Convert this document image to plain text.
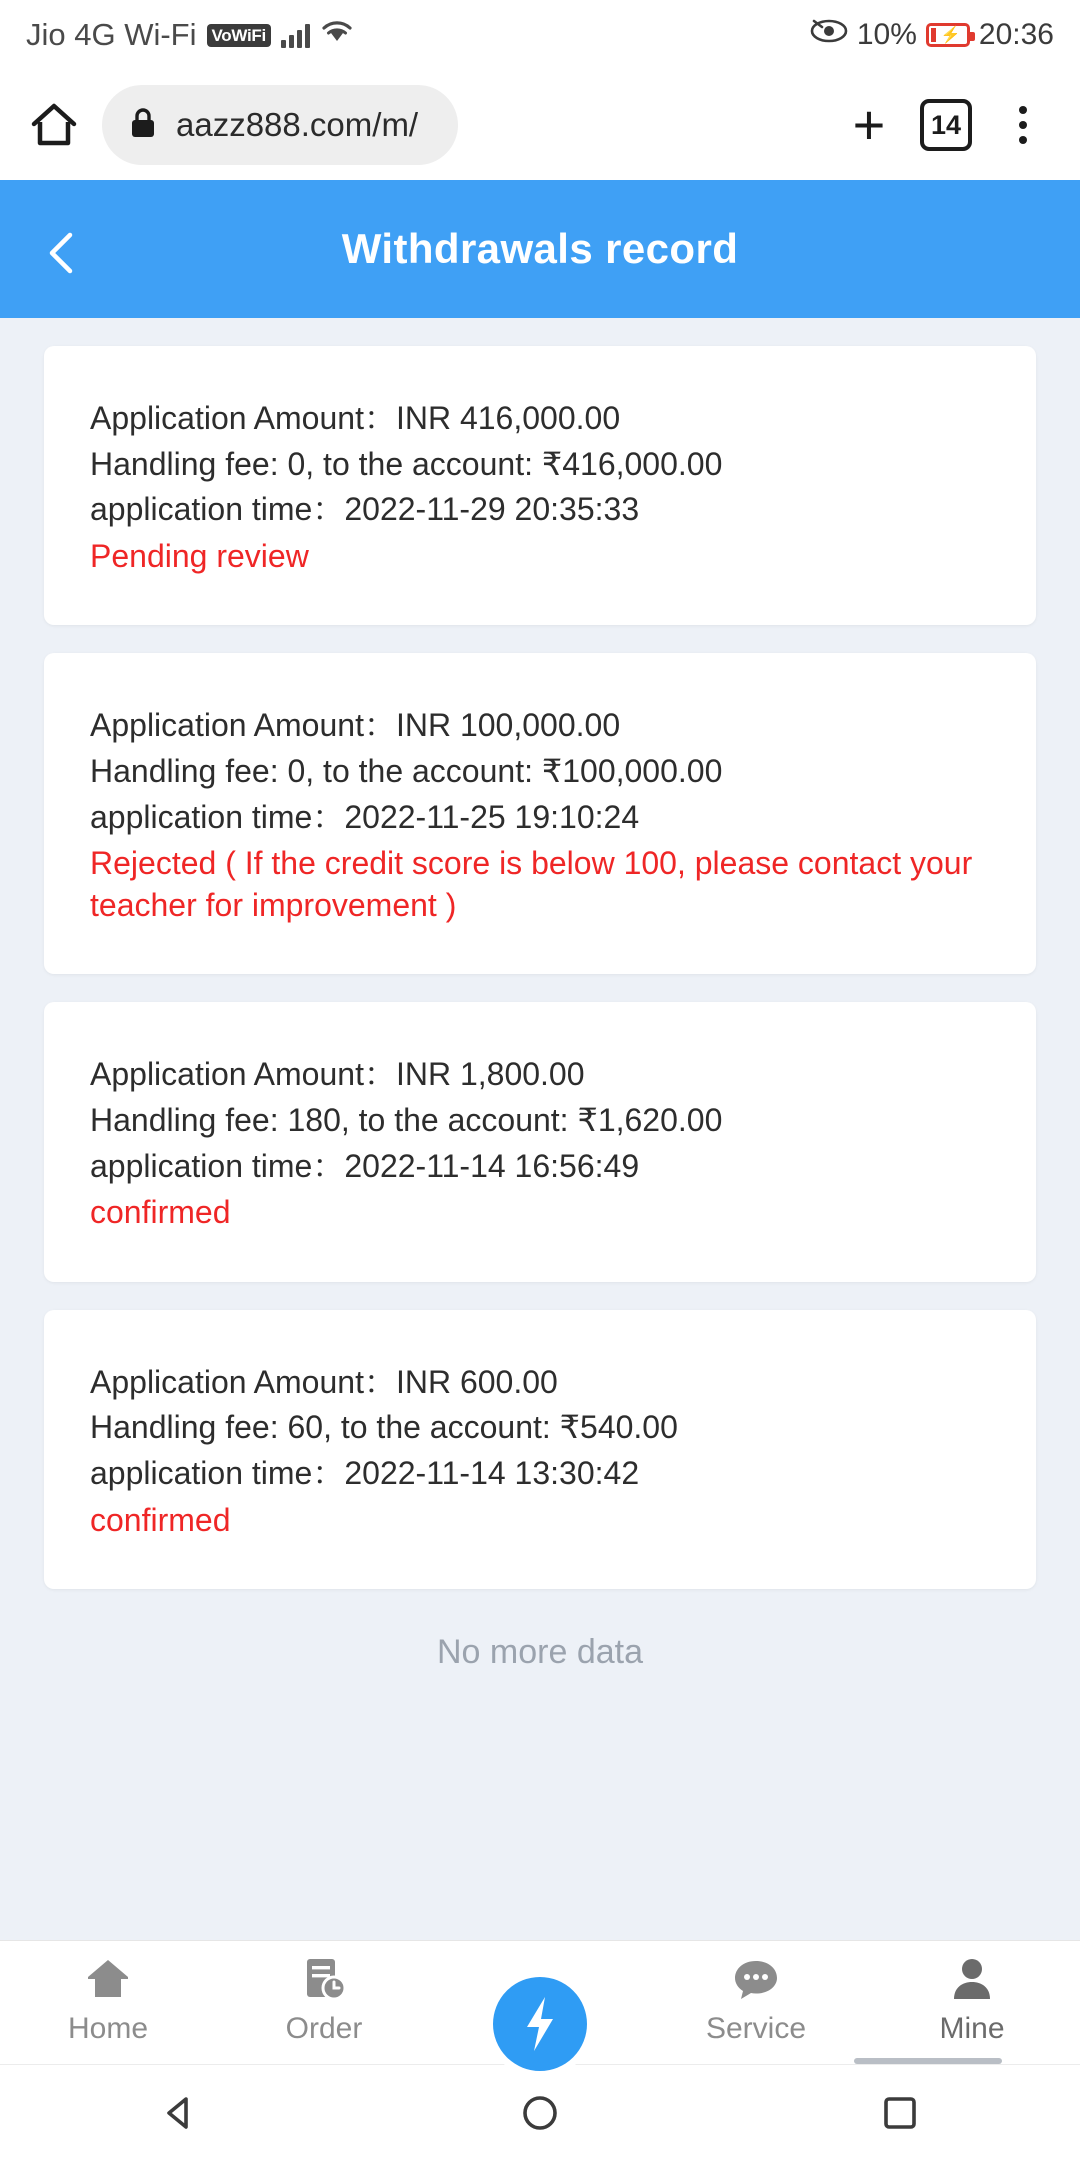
Jio 4G Wi-Fi VoWiFi	10% ⚡ 20:36
aazz888.com/m/	+	14
Withdrawals record
Application Amount：INR 416,000.00
Handling fee: 0, to the account: ₹416,000.00
application time：2022-11-29 20:35:33
Pending review
Application Amount：INR 100,000.00
Handling fee: 0, to the account: ₹100,000.00
application time：2022-11-25 19:10:24
Rejected ( If the credit score is below 100, please contact your teacher for improvement )
Application Amount：INR 1,800.00
Handling fee: 180, to the account: ₹1,620.00
application time：2022-11-14 16:56:49
confirmed
Application Amount：INR 600.00
Handling fee: 60, to the account: ₹540.00
application time：2022-11-14 13:30:42
confirmed
No more data
Home	Order	Service	Mine
